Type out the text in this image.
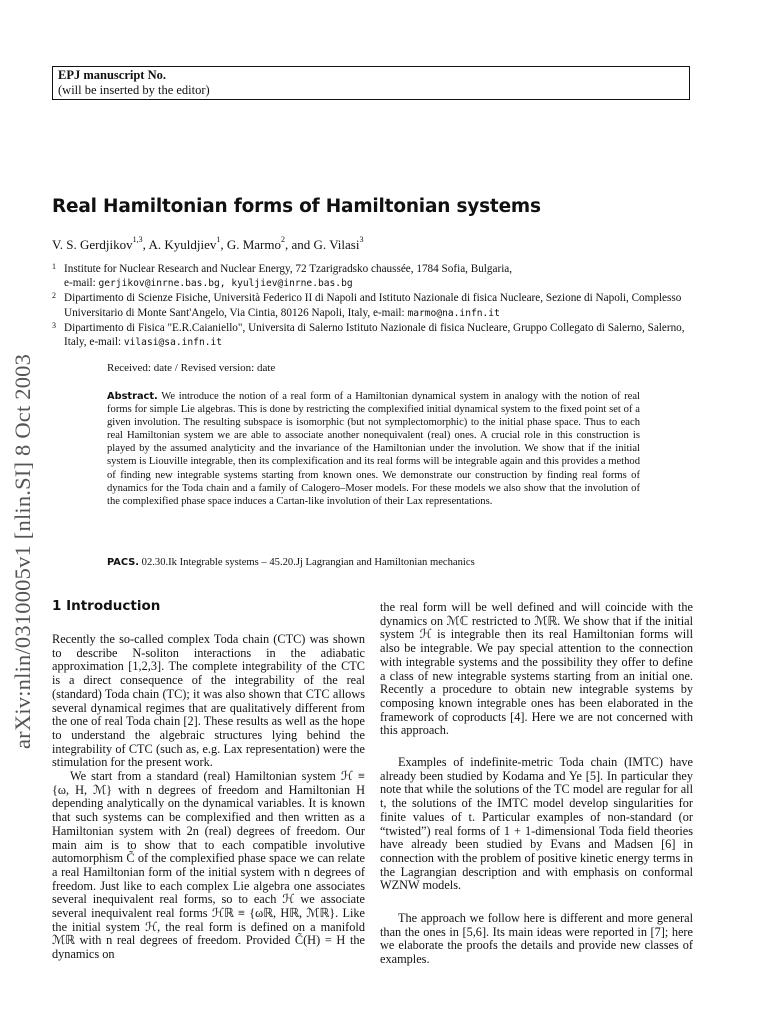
EPJ manuscript No.
(will be inserted by the editor)
arXiv:nlin/0310005v1 [nlin.SI] 8 Oct 2003
Real Hamiltonian forms of Hamiltonian systems
V. S. Gerdjikov$^{1,3}$, A. Kyuldjiev$^1$, G. Marmo$^2$, and G. Vilasi$^3$
1 Institute for Nuclear Research and Nuclear Energy, 72 Tzarigradsko chaussée, 1784 Sofia, Bulgaria,
e-mail: gerjikov@inrne.bas.bg, kyuljiev@inrne.bas.bg
2 Dipartimento di Scienze Fisiche, Università Federico II di Napoli and Istituto Nazionale di fisica Nucleare, Sezione di Napoli, Complesso Universitario di Monte Sant'Angelo, Via Cintia, 80126 Napoli, Italy, e-mail: marmo@na.infn.it
3 Dipartimento di Fisica "E.R.Caianiello", Universita di Salerno Istituto Nazionale di fisica Nucleare, Gruppo Collegato di Salerno, Salerno, Italy, e-mail: vilasi@sa.infn.it
Received: date / Revised version: date
Abstract. We introduce the notion of a real form of a Hamiltonian dynamical system in analogy with the notion of real forms for simple Lie algebras. This is done by restricting the complexified initial dynamical system to the fixed point set of a given involution. The resulting subspace is isomorphic (but not symplectomorphic) to the initial phase space. Thus to each real Hamiltonian system we are able to associate another nonequivalent (real) ones. A crucial role in this construction is played by the assumed analyticity and the invariance of the Hamiltonian under the involution. We show that if the initial system is Liouville integrable, then its complexification and its real forms will be integrable again and this provides a method of finding new integrable systems starting from known ones. We demonstrate our construction by finding real forms of dynamics for the Toda chain and a family of Calogero–Moser models. For these models we also show that the involution of the complexified phase space induces a Cartan-like involution of their Lax representations.
PACS. 02.30.Ik Integrable systems – 45.20.Jj Lagrangian and Hamiltonian mechanics
1 Introduction

Recently the so-called complex Toda chain (CTC) was shown to describe N-soliton interactions in the adiabatic approximation [1,2,3]. The complete integrability of the CTC is a direct consequence of the integrability of the real (standard) Toda chain (TC); it was also shown that CTC allows several dynamical regimes that are qualitatively different from the one of real Toda chain [2]. These results as well as the hope to understand the algebraic structures lying behind the integrability of CTC (such as, e.g. Lax representation) were the stimulation for the present work.

We start from a standard (real) Hamiltonian system ℋ ≡ {ω, H, ℳ} with n degrees of freedom and Hamiltonian H depending analytically on the dynamical variables. It is known that such systems can be complexified and then written as a Hamiltonian system with 2n (real) degrees of freedom. Our main aim is to show that to each compatible involutive automorphism C̃ of the complexified phase space we can relate a real Hamiltonian form of the initial system with n degrees of freedom. Just like to each complex Lie algebra one associates several inequivalent real forms, so to each ℋ we associate several inequivalent real forms ℋℝ ≡ {ωℝ, Hℝ, ℳℝ}. Like the initial system ℋ, the real form is defined on a manifold ℳℝ with n real degrees of freedom. Provided C̃(H) = H the dynamics on

the real form will be well defined and will coincide with the dynamics on ℳℂ restricted to ℳℝ. We show that if the initial system ℋ is integrable then its real Hamiltonian forms will also be integrable. We pay special attention to the connection with integrable systems and the possibility they offer to define a class of new integrable systems starting from an initial one. Recently a procedure to obtain new integrable systems by composing known integrable ones has been elaborated in the framework of coproducts [4]. Here we are not concerned with this approach.

Examples of indefinite-metric Toda chain (IMTC) have already been studied by Kodama and Ye [5]. In particular they note that while the solutions of the TC model are regular for all t, the solutions of the IMTC model develop singularities for finite values of t. Particular examples of non-standard (or “twisted”) real forms of 1 + 1-dimensional Toda field theories have already been studied by Evans and Madsen [6] in connection with the problem of positive kinetic energy terms in the Lagrangian description and with emphasis on conformal WZNW models.

The approach we follow here is different and more general than the ones in [5,6]. Its main ideas were reported in [7]; here we elaborate the proofs the details and provide new classes of examples.
